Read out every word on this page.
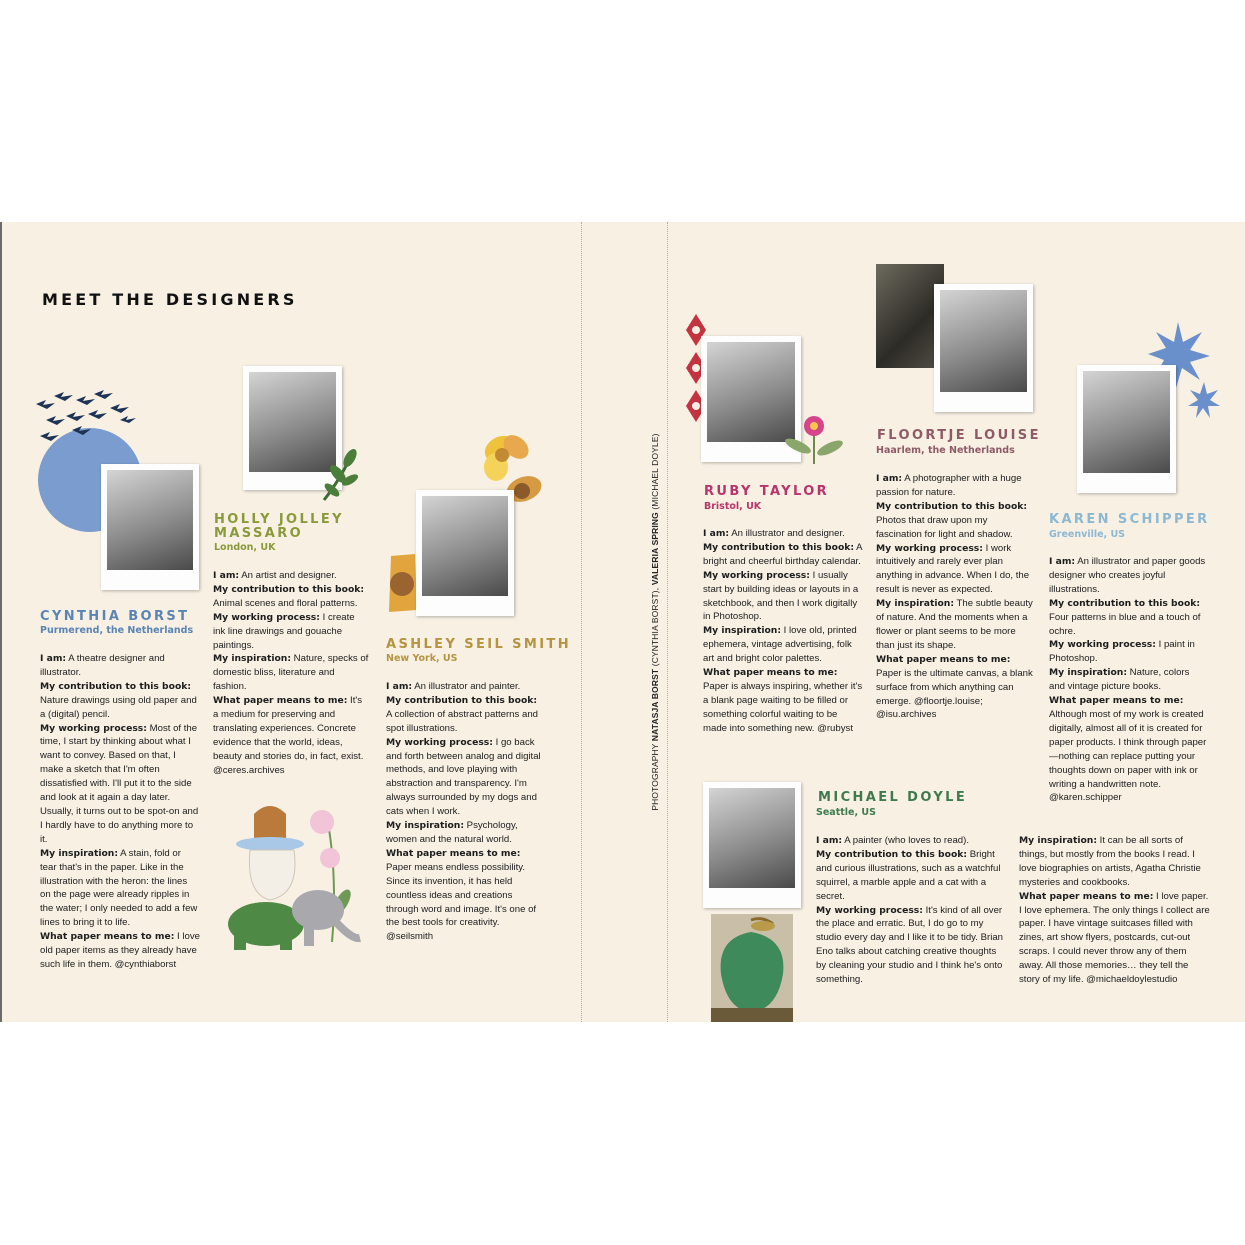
MEET THE DESIGNERS
CYNTHIA BORST
Purmerend, the Netherlands

I am: A theatre designer and illustrator.

My contribution to this book: Nature drawings using old paper and a (digital) pencil.

My working process: Most of the time, I start by thinking about what I want to convey. Based on that, I make a sketch that I'm often dissatisfied with. I'll put it to the side and look at it again a day later. Usually, it turns out to be spot-on and I hardly have to do anything more to it.

My inspiration: A stain, fold or tear that's in the paper. Like in the illustration with the heron: the lines on the page were already ripples in the water; I only needed to add a few lines to bring it to life.

What paper means to me: I love old paper items as they already have such life in them. @cynthiaborst

HOLLY JOLLEY
MASSARO
London, UK

I am: An artist and designer.

My contribution to this book: Animal scenes and floral patterns.

My working process: I create ink line drawings and gouache paintings.

My inspiration: Nature, specks of domestic bliss, literature and fashion.

What paper means to me: It's a medium for preserving and translating experiences. Concrete evidence that the world, ideas, beauty and stories do, in fact, exist. @ceres.archives

ASHLEY SEIL SMITH
New York, US

I am: An illustrator and painter.

My contribution to this book: A collection of abstract patterns and spot illustrations.

My working process: I go back and forth between analog and digital methods, and love playing with abstraction and transparency. I'm always surrounded by my dogs and cats when I work.

My inspiration: Psychology, women and the natural world.

What paper means to me: Paper means endless possibility. Since its invention, it has held countless ideas and creations through word and image. It's one of the best tools for creativity. @seilsmith

PHOTOGRAPHY NATASJA BORST (CYNTHIA BORST), VALERIA SPRING (MICHAEL DOYLE)	RUBY TAYLOR
Bristol, UK

I am: An illustrator and designer.

My contribution to this book: A bright and cheerful birthday calendar.

My working process: I usually start by building ideas or layouts in a sketchbook, and then I work digitally in Photoshop.

My inspiration: I love old, printed ephemera, vintage advertising, folk art and bright color palettes.

What paper means to me: Paper is always inspiring, whether it's a blank page waiting to be filled or something colorful waiting to be made into something new. @rubyst

FLOORTJE LOUISE
Haarlem, the Netherlands

I am: A photographer with a huge passion for nature.

My contribution to this book: Photos that draw upon my fascination for light and shadow.

My working process: I work intuitively and rarely ever plan anything in advance. When I do, the result is never as expected.

My inspiration: The subtle beauty of nature. And the moments when a flower or plant seems to be more than just its shape.

What paper means to me: Paper is the ultimate canvas, a blank surface from which anything can emerge. @floortje.louise; @isu.archives

KAREN SCHIPPER
Greenville, US

I am: An illustrator and paper goods designer who creates joyful illustrations.

My contribution to this book: Four patterns in blue and a touch of ochre.

My working process: I paint in Photoshop.

My inspiration: Nature, colors and vintage picture books.

What paper means to me: Although most of my work is created digitally, almost all of it is created for paper products. I think through paper—nothing can replace putting your thoughts down on paper with ink or writing a handwritten note. @karen.schipper

MICHAEL DOYLE
Seattle, US

I am: A painter (who loves to read).

My contribution to this book: Bright and curious illustrations, such as a watchful squirrel, a marble apple and a cat with a secret.

My working process: It's kind of all over the place and erratic. But, I do go to my studio every day and I like it to be tidy. Brian Eno talks about catching creative thoughts by cleaning your studio and I think he's onto something.

My inspiration: It can be all sorts of things, but mostly from the books I read. I love biographies on artists, Agatha Christie mysteries and cookbooks.

What paper means to me: I love paper. I love ephemera. The only things I collect are paper. I have vintage suitcases filled with zines, art show flyers, postcards, cut-out scraps. I could never throw any of them away. All those memories… they tell the story of my life. @michaeldoylestudio
